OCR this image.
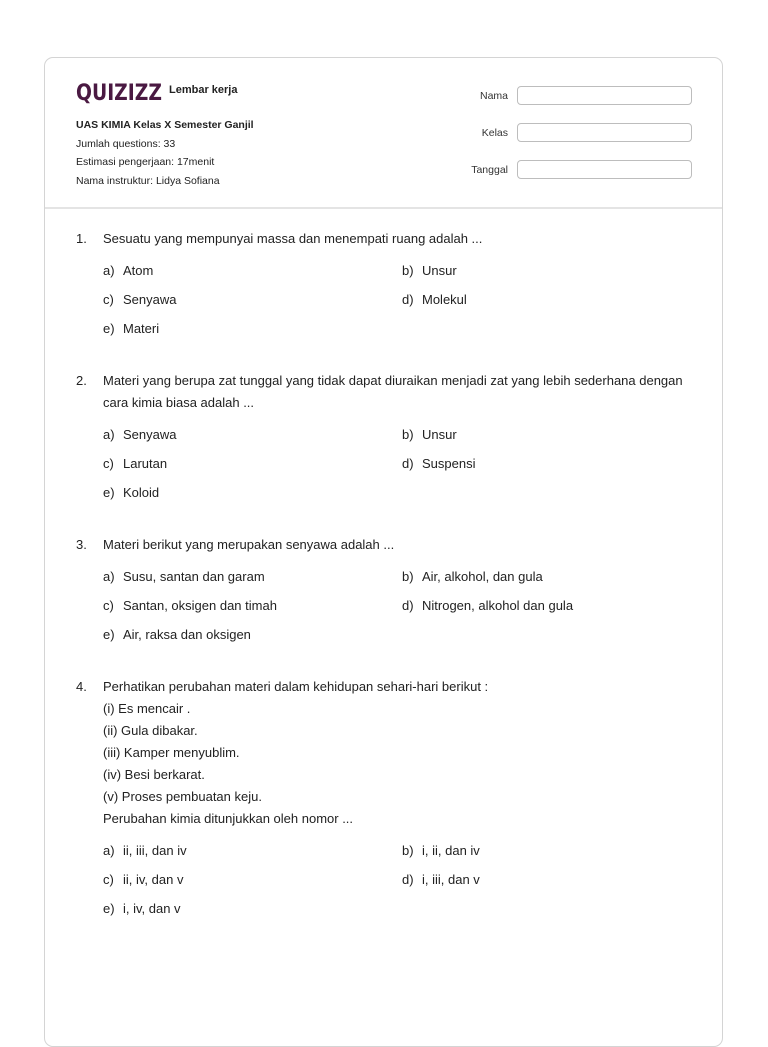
QUIZIZZ Lembar kerja
UAS KIMIA Kelas X Semester Ganjil
Jumlah questions: 33
Estimasi pengerjaan: 17menit
Nama instruktur: Lidya Sofiana
Nama
Kelas
Tanggal
1.	Sesuatu yang mempunyai massa dan menempati ruang adalah ...
a) Atom	b) Unsur
c) Senyawa	d) Molekul
e) Materi
2.	Materi yang berupa zat tunggal yang tidak dapat diuraikan menjadi zat yang lebih sederhana dengan
cara kimia biasa adalah ...
a) Senyawa	b) Unsur
c) Larutan	d) Suspensi
e) Koloid
3.	Materi berikut yang merupakan senyawa adalah ...
a) Susu, santan dan garam	b) Air, alkohol, dan gula
c) Santan, oksigen dan timah	d) Nitrogen, alkohol dan gula
e) Air, raksa dan oksigen
4.	Perhatikan perubahan materi dalam kehidupan sehari-hari berikut :
(i) Es mencair .
(ii) Gula dibakar.
(iii) Kamper menyublim.
(iv) Besi berkarat.
(v) Proses pembuatan keju.
Perubahan kimia ditunjukkan oleh nomor ...
a) ii, iii, dan iv	b) i, ii, dan iv
c) ii, iv, dan v	d) i, iii, dan v
e) i, iv, dan v
